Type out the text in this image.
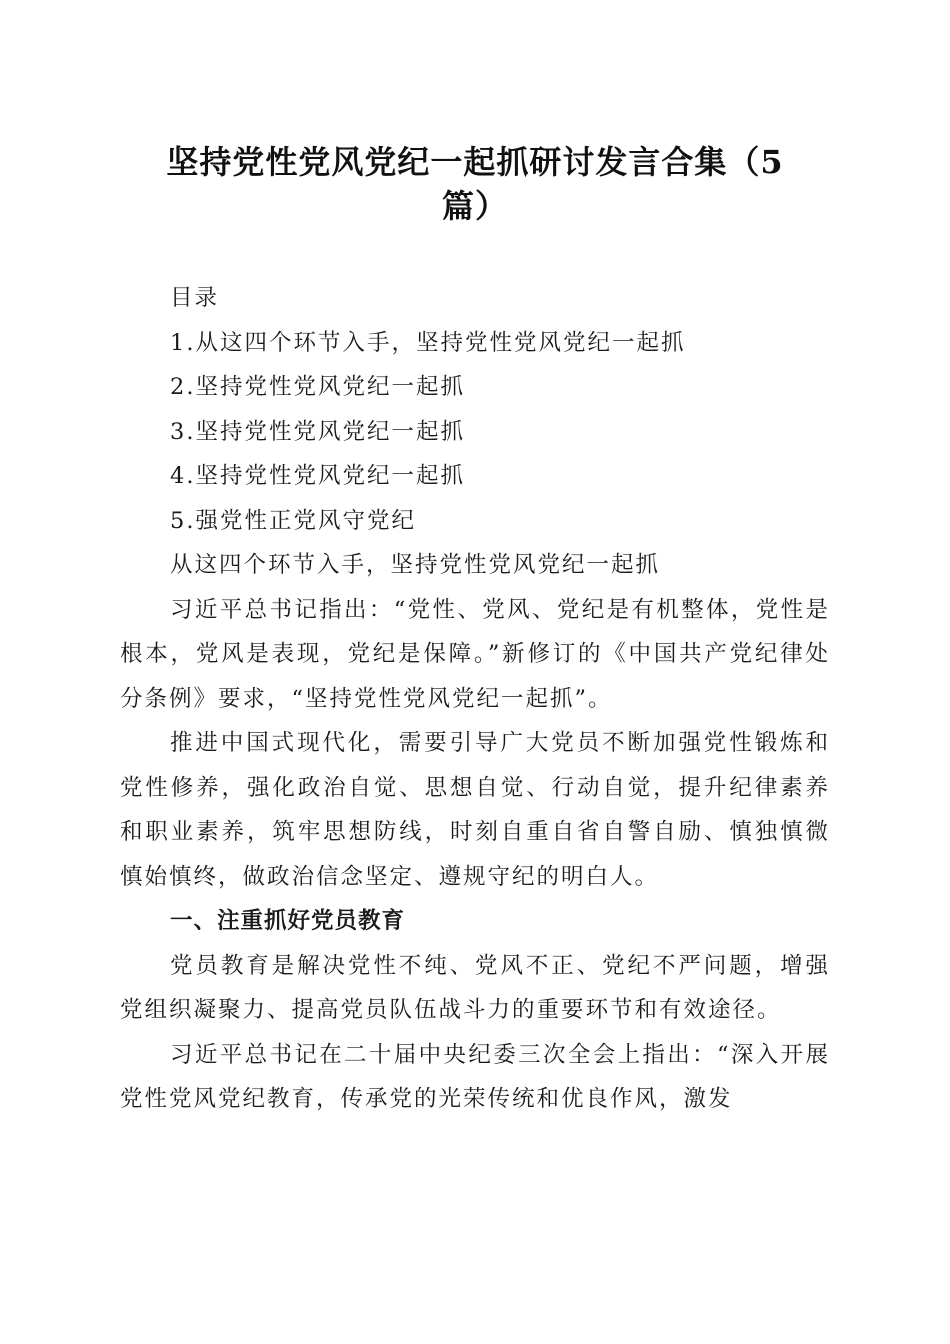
坚持党性党风党纪一起抓研讨发言合集（5
篇）

目录

1.从这四个环节入手，坚持党性党风党纪一起抓

2.坚持党性党风党纪一起抓

3.坚持党性党风党纪一起抓

4.坚持党性党风党纪一起抓

5.强党性正党风守党纪

从这四个环节入手，坚持党性党风党纪一起抓

习近平总书记指出：“党性、党风、党纪是有机整体，党性是根本，党风是表现，党纪是保障。”新修订的《中国共产党纪律处分条例》要求，“坚持党性党风党纪一起抓”。

推进中国式现代化，需要引导广大党员不断加强党性锻炼和党性修养，强化政治自觉、思想自觉、行动自觉，提升纪律素养和职业素养，筑牢思想防线，时刻自重自省自警自励、慎独慎微慎始慎终，做政治信念坚定、遵规守纪的明白人。

一、注重抓好党员教育

党员教育是解决党性不纯、党风不正、党纪不严问题，增强党组织凝聚力、提高党员队伍战斗力的重要环节和有效途径。

习近平总书记在二十届中央纪委三次全会上指出：“深入开展党性党风党纪教育，传承党的光荣传统和优良作风，激发
